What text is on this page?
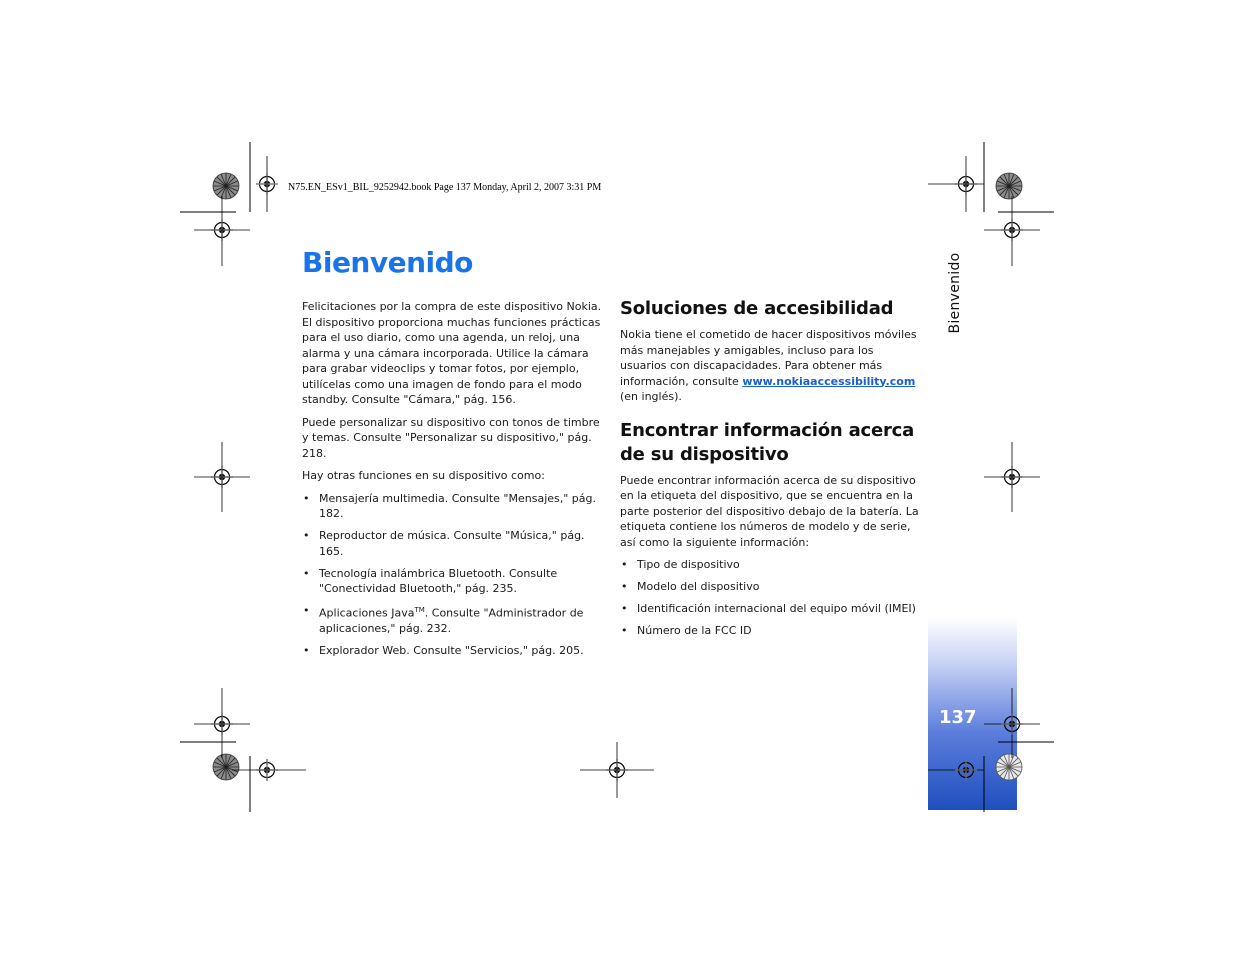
N75.EN_ESv1_BIL_9252942.book Page 137 Monday, April 2, 2007 3:31 PM
Bienvenido

Felicitaciones por la compra de este dispositivo Nokia. El dispositivo proporciona muchas funciones prácticas para el uso diario, como una agenda, un reloj, una alarma y una cámara incorporada. Utilice la cámara para grabar videoclips y tomar fotos, por ejemplo, utilícelas como una imagen de fondo para el modo standby. Consulte "Cámara," pág. 156.

Puede personalizar su dispositivo con tonos de timbre y temas. Consulte "Personalizar su dispositivo," pág. 218.

Hay otras funciones en su dispositivo como:

• Mensajería multimedia. Consulte "Mensajes," pág. 182.
• Reproductor de música. Consulte "Música," pág. 165.
• Tecnología inalámbrica Bluetooth. Consulte "Conectividad Bluetooth," pág. 235.
• Aplicaciones Java™. Consulte "Administrador de aplicaciones," pág. 232.
• Explorador Web. Consulte "Servicios," pág. 205.
Soluciones de accesibilidad

Nokia tiene el cometido de hacer dispositivos móviles más manejables y amigables, incluso para los usuarios con discapacidades. Para obtener más información, consulte www.nokiaaccessibility.com (en inglés).

Encontrar información acerca de su dispositivo

Puede encontrar información acerca de su dispositivo en la etiqueta del dispositivo, que se encuentra en la parte posterior del dispositivo debajo de la batería. La etiqueta contiene los números de modelo y de serie, así como la siguiente información:

• Tipo de dispositivo
• Modelo del dispositivo
• Identificación internacional del equipo móvil (IMEI)
• Número de la FCC ID
Bienvenido
137
